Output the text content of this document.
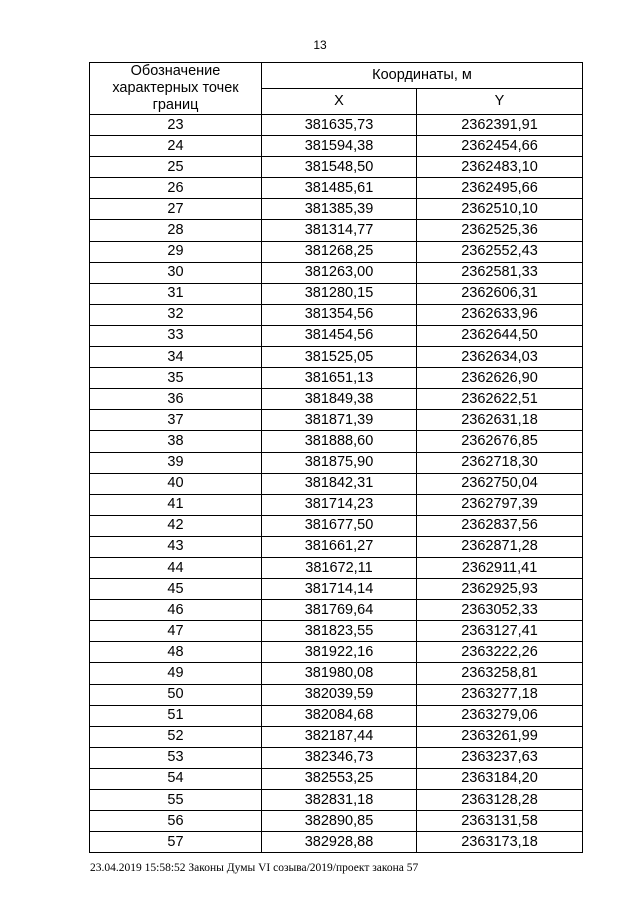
13
Обозначение характерных точек границ	Координаты, м	
	X	Y
23	381635,73	2362391,91
24	381594,38	2362454,66
25	381548,50	2362483,10
26	381485,61	2362495,66
27	381385,39	2362510,10
28	381314,77	2362525,36
29	381268,25	2362552,43
30	381263,00	2362581,33
31	381280,15	2362606,31
32	381354,56	2362633,96
33	381454,56	2362644,50
34	381525,05	2362634,03
35	381651,13	2362626,90
36	381849,38	2362622,51
37	381871,39	2362631,18
38	381888,60	2362676,85
39	381875,90	2362718,30
40	381842,31	2362750,04
41	381714,23	2362797,39
42	381677,50	2362837,56
43	381661,27	2362871,28
44	381672,11	2362911,41
45	381714,14	2362925,93
46	381769,64	2363052,33
47	381823,55	2363127,41
48	381922,16	2363222,26
49	381980,08	2363258,81
50	382039,59	2363277,18
51	382084,68	2363279,06
52	382187,44	2363261,99
53	382346,73	2363237,63
54	382553,25	2363184,20
55	382831,18	2363128,28
56	382890,85	2363131,58
57	382928,88	2363173,18
23.04.2019 15:58:52 Законы Думы VI созыва/2019/проект закона 57
